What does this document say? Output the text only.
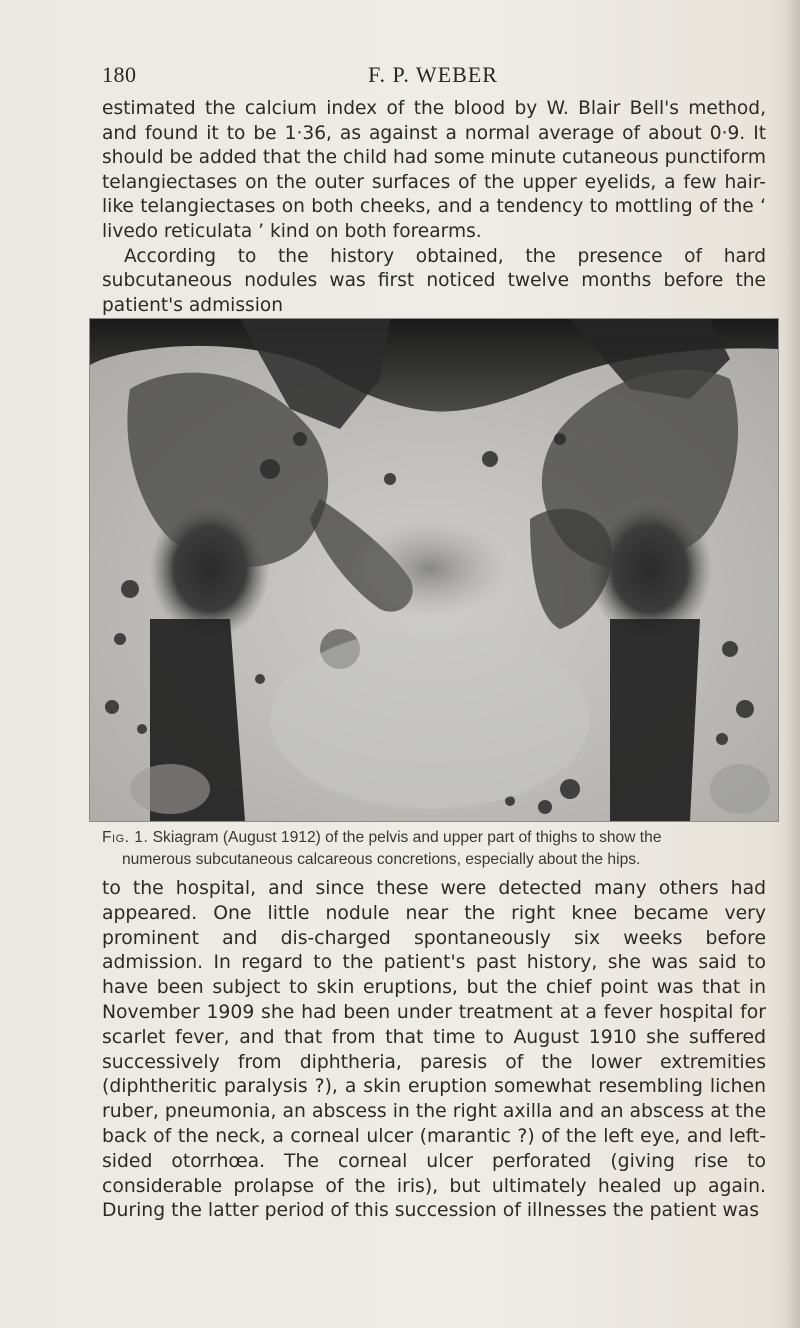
180	F. P. WEBER

estimated the calcium index of the blood by W. Blair Bell's method, and found it to be 1·36, as against a normal average of about 0·9. It should be added that the child had some minute cutaneous punctiform telangiectases on the outer surfaces of the upper eyelids, a few hair-like telangiectases on both cheeks, and a tendency to mottling of the ‘ livedo reticulata ’ kind on both forearms.

According to the history obtained, the presence of hard subcutaneous nodules was first noticed twelve months before the patient's admission

Fig. 1. Skiagram (August 1912) of the pelvis and upper part of thighs to show the
numerous subcutaneous calcareous concretions, especially about the hips.

to the hospital, and since these were detected many others had appeared. One little nodule near the right knee became very prominent and dis-charged spontaneously six weeks before admission. In regard to the patient's past history, she was said to have been subject to skin eruptions, but the chief point was that in November 1909 she had been under treatment at a fever hospital for scarlet fever, and that from that time to August 1910 she suffered successively from diphtheria, paresis of the lower extremities (diphtheritic paralysis ?), a skin eruption somewhat resembling lichen ruber, pneumonia, an abscess in the right axilla and an abscess at the back of the neck, a corneal ulcer (marantic ?) of the left eye, and left-sided otorrhœa. The corneal ulcer perforated (giving rise to considerable prolapse of the iris), but ultimately healed up again. During the latter period of this succession of illnesses the patient was
